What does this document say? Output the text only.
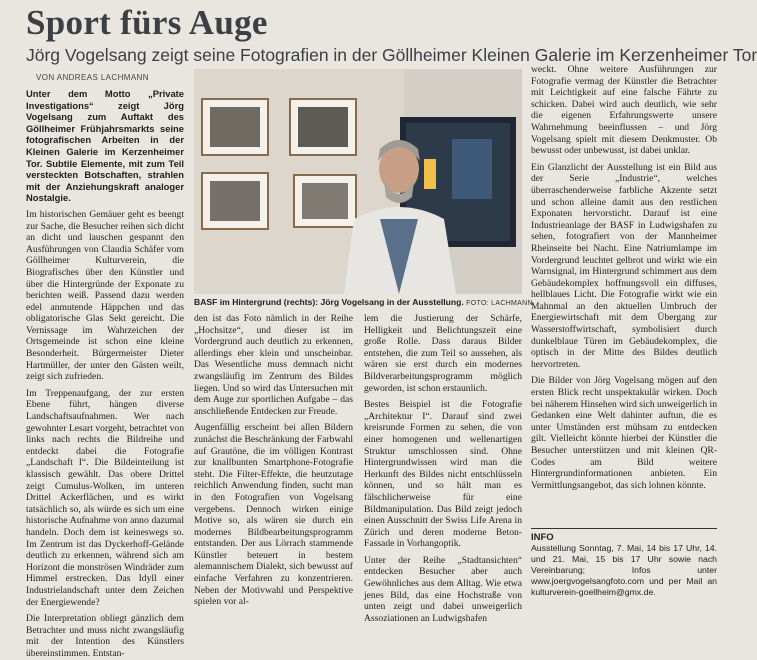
Sport fürs Auge
Jörg Vogelsang zeigt seine Fotografien in der Göllheimer Kleinen Galerie im Kerzenheimer Tor
VON ANDREAS LACHMANN

Unter dem Motto „Private Investigations“ zeigt Jörg Vogelsang zum Auftakt des Göllheimer Frühjahrsmarkts seine fotografischen Arbeiten in der Kleinen Galerie im Kerzenheimer Tor. Subtile Elemente, mit zum Teil versteckten Botschaften, strahlen mit der Anziehungskraft analoger Nostalgie.

Im historischen Gemäuer geht es beengt zur Sache, die Besucher reihen sich dicht an dicht und lauschen gespannt den Ausführungen von Claudia Schäfer vom Göllheimer Kulturverein, die Biografisches über den Künstler und über die Hintergründe der Exponate zu berichten weiß. Passend dazu werden edel anmutende Häppchen und das obligatorische Glas Sekt gereicht. Die Vernissage im Wahrzeichen der Ortsgemeinde ist schon eine kleine Besonderheit. Bürgermeister Dieter Hartmüller, der unter den Gästen weilt, zeigt sich zufrieden.

Im Treppenaufgang, der zur ersten Ebene führt, hängen diverse Landschaftsaufnahmen. Wer nach gewohnter Lesart vorgeht, betrachtet von links nach rechts die Bildreihe und entdeckt dabei die Fotografie „Landschaft I“. Die Bildeinteilung ist klassisch gewählt. Das obere Drittel zeigt Cumulus-Wolken, im unteren Drittel Ackerflächen, und es wirkt tatsächlich so, als würde es sich um eine historische Aufnahme von anno dazumal handeln. Doch dem ist keineswegs so. Im Zentrum ist das Dyckerhoff-Gelände deutlich zu erkennen, während sich am Horizont die monströsen Windräder zum Himmel erstrecken. Das Idyll einer Industrielandschaft unter dem Zeichen der Energiewende?

Die Interpretation obliegt gänzlich dem Betrachter und muss nicht zwangsläufig mit der Intention des Künstlers übereinstimmen. Entstan-

BASF im Hintergrund (rechts): Jörg Vogelsang in der Ausstellung. FOTO: LACHMANN

den ist das Foto nämlich in der Reihe „Hochsitze“, und dieser ist im Vordergrund auch deutlich zu erkennen, allerdings eher klein und unscheinbar. Das Wesentliche muss demnach nicht zwangsläufig im Zentrum des Bildes liegen. Und so wird das Untersuchen mit dem Auge zur sportlichen Aufgabe – das anschließende Entdecken zur Freude.

Augenfällig erscheint bei allen Bildern zunächst die Beschränkung der Farbwahl auf Grautöne, die im völligen Kontrast zur knallbunten Smartphone-Fotografie steht. Die Filter-Effekte, die heutzutage reichlich Anwendung finden, sucht man in den Fotografien von Vogelsang vergebens. Dennoch wirken einige Motive so, als wären sie durch ein modernes Bildbearbeitungsprogramm entstanden. Der aus Lörrach stammende Künstler beteuert in bestem alemannischem Dialekt, sich bewusst auf einfache Verfahren zu konzentrieren. Neben der Motivwahl und Perspektive spielen vor al-

lem die Justierung der Schärfe, Helligkeit und Belichtungszeit eine große Rolle. Dass daraus Bilder entstehen, die zum Teil so aussehen, als wären sie erst durch ein modernes Bildverarbeitungsprogramm möglich geworden, ist schon erstaunlich.

Bestes Beispiel ist die Fotografie „Architektur I“. Darauf sind zwei kreisrunde Formen zu sehen, die von einer homogenen und wellenartigen Struktur umschlossen sind. Ohne Hintergrundwissen wird man die Herkunft des Bildes nicht entschlüsseln können, und so hält man es fälschlicherweise für eine Bildmanipulation. Das Bild zeigt jedoch einen Ausschnitt der Swiss Life Arena in Zürich und deren moderne Beton-Fassade in Vorhangoptik.

Unter der Reihe „Stadtansichten“ entdecken Besucher aber auch Gewöhnliches aus dem Alltag. Wie etwa jenes Bild, das eine Hochstraße von unten zeigt und dabei unweigerlich Assoziationen an Ludwigshafen

weckt. Ohne weitere Ausführungen zur Fotografie vermag der Künstler die Betrachter mit Leichtigkeit auf eine falsche Fährte zu schicken. Dabei wird auch deutlich, wie sehr die eigenen Erfahrungswerte unsere Wahrnehmung beeinflussen – und Jörg Vogelsang spielt mit diesem Denkmuster. Ob bewusst oder unbewusst, ist dabei unklar.

Ein Glanzlicht der Ausstellung ist ein Bild aus der Serie „Industrie“, welches überraschenderweise farbliche Akzente setzt und schon alleine damit aus den restlichen Exponaten hervorsticht. Darauf ist eine Industrieanlage der BASF in Ludwigshafen zu sehen, fotografiert von der Mannheimer Rheinseite bei Nacht. Eine Natriumlampe im Vordergrund leuchtet gelbrot und wirkt wie ein Warnsignal, im Hintergrund schimmert aus dem Gebäudekomplex hoffnungsvoll ein diffuses, hellblaues Licht. Die Fotografie wirkt wie ein Mahnmal an den aktuellen Umbruch der Energiewirtschaft mit dem Übergang zur Wasserstoffwirtschaft, symbolisiert durch dunkelblaue Türen im Gebäudekomplex, die optisch in der Mitte des Bildes deutlich hervortreten.

Die Bilder von Jörg Vogelsang mögen auf den ersten Blick recht unspektakulär wirken. Doch bei näherem Hinsehen wird sich unweigerlich in Gedanken eine Welt dahinter auftun, die es unter Umständen erst mühsam zu entdecken gilt. Vielleicht könnte hierbei der Künstler die Besucher unterstützen und mit kleinen QR-Codes am Bild weitere Hintergrundinformationen anbieten. Ein Vermittlungsangebot, das sich lohnen könnte.

INFO
Ausstellung Sonntag, 7. Mai, 14 bis 17 Uhr, 14. und 21. Mai, 15 bis 17 Uhr sowie nach Vereinbarung; Infos unter www.joergvogelsangfoto.com und per Mail an kulturverein-goellheim@gmx.de.
